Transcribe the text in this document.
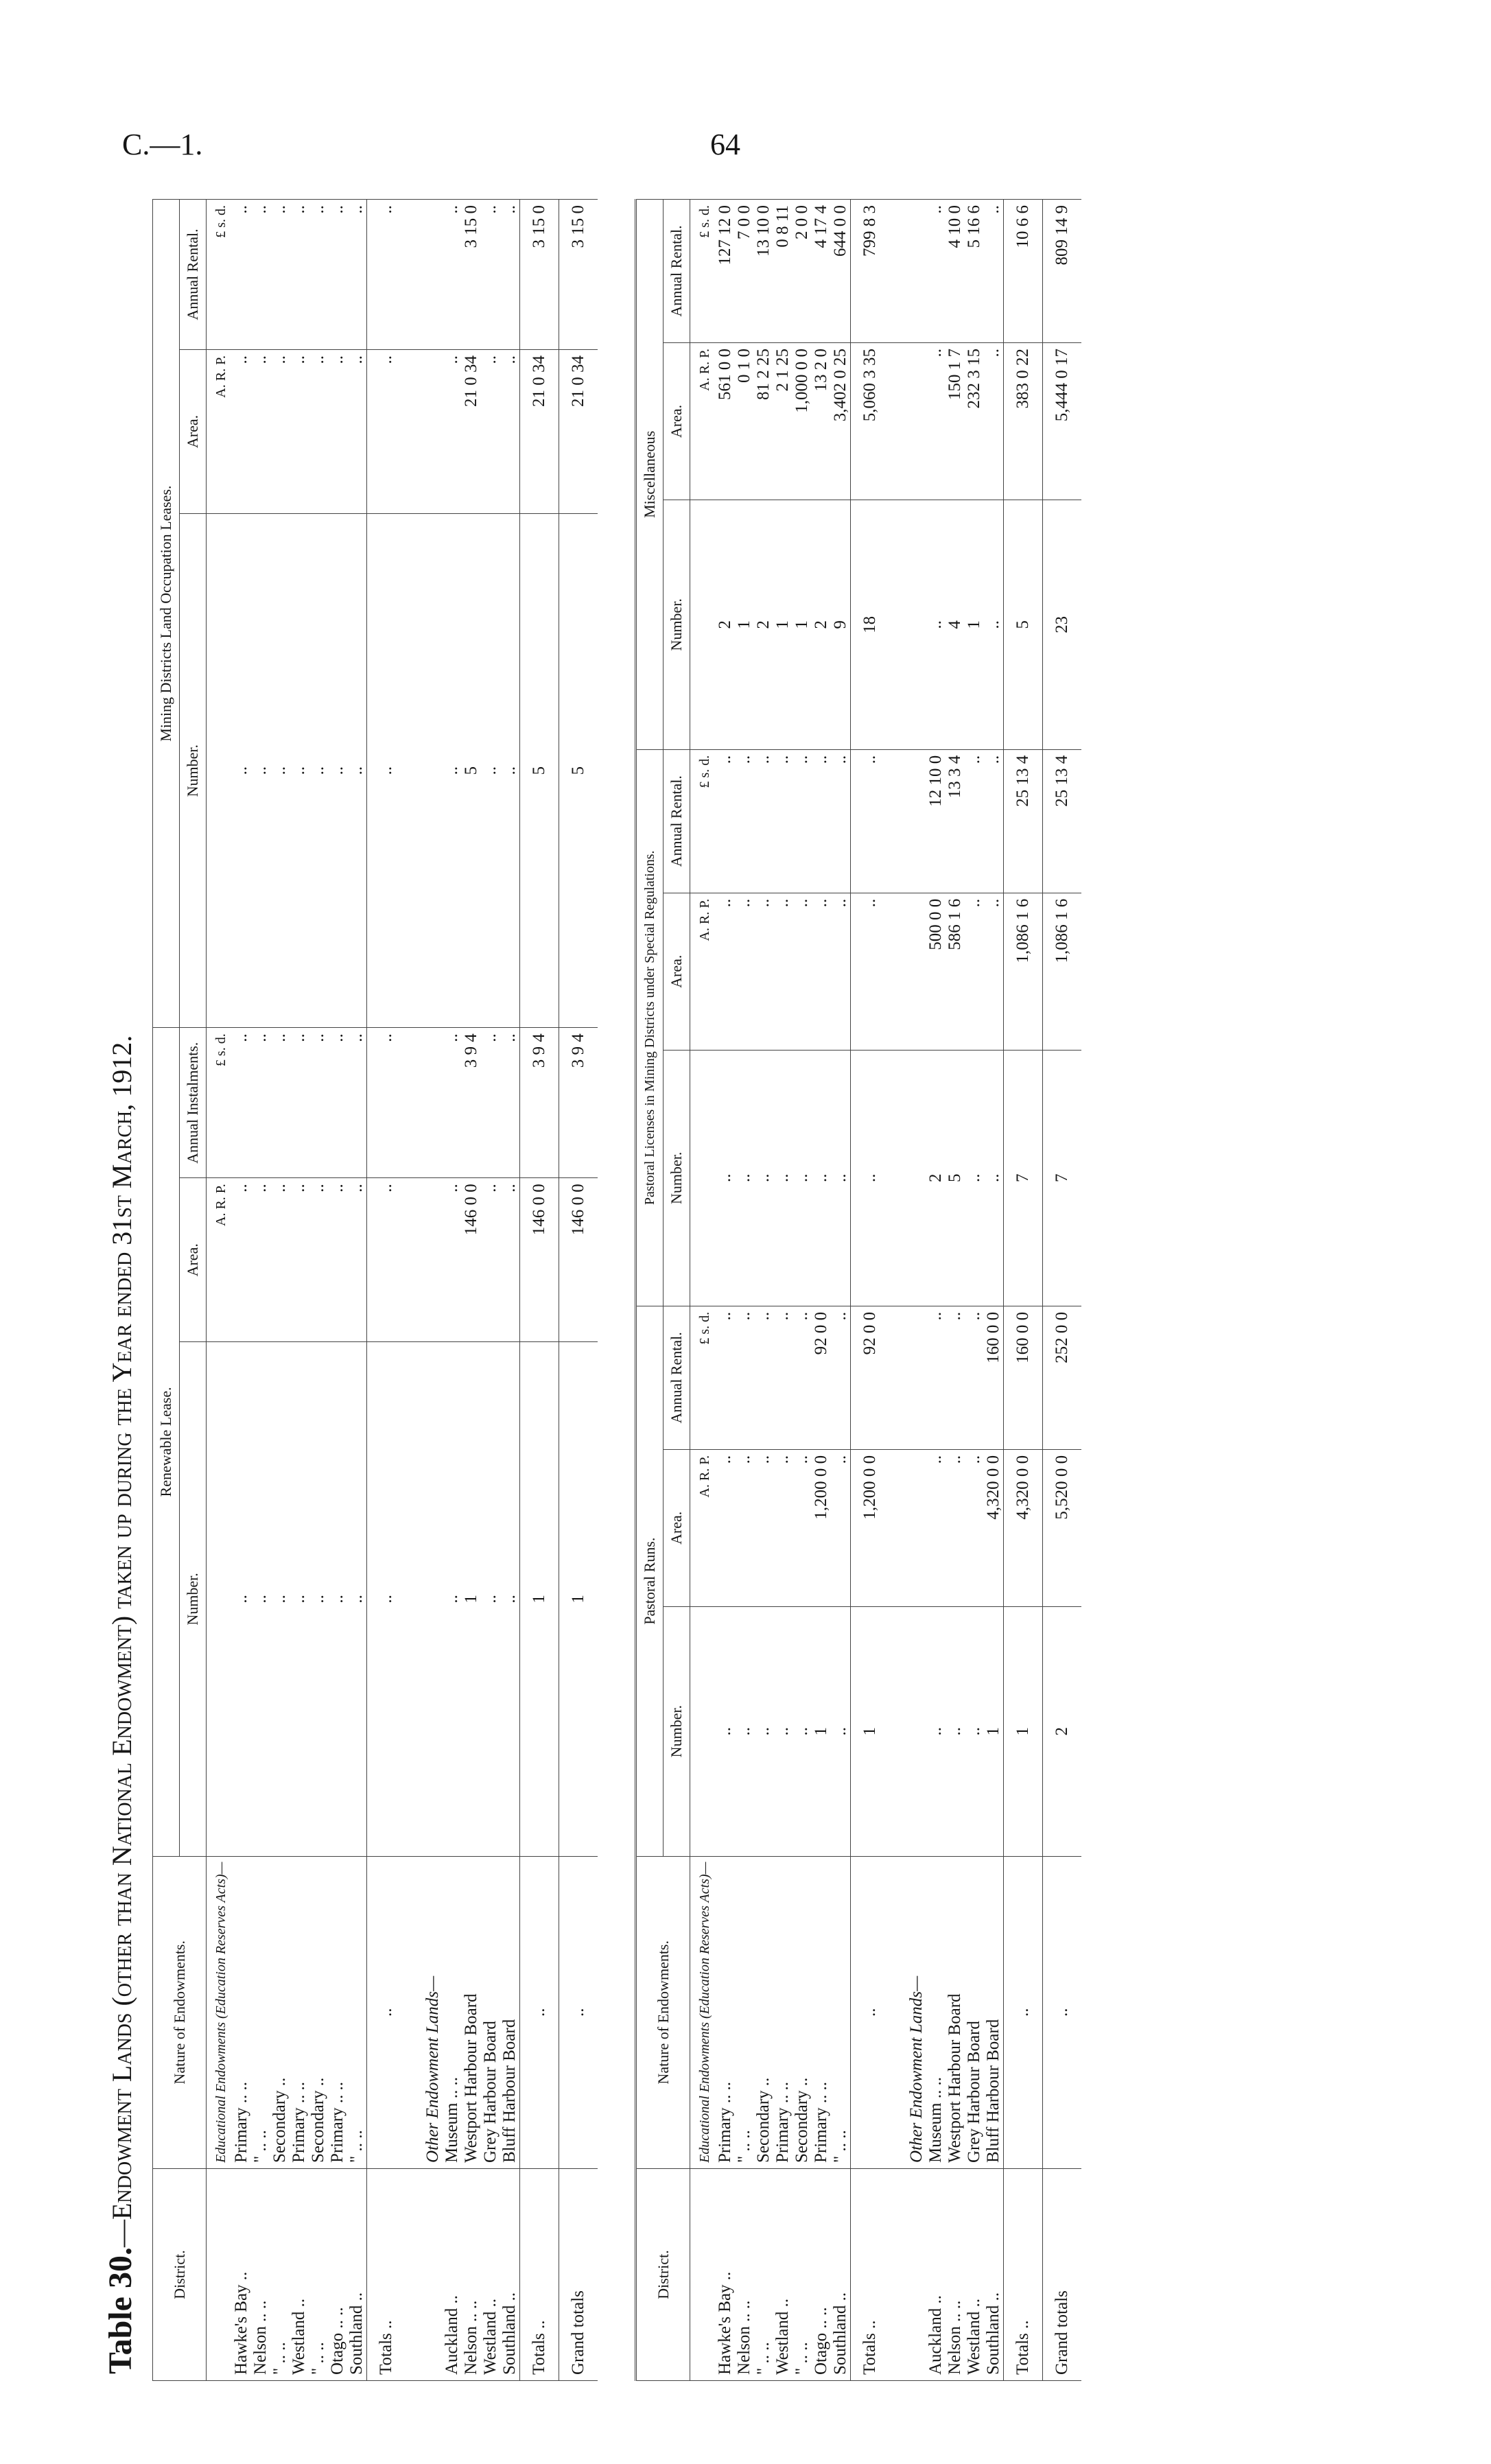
C.—1.	64
Table 30.—Endowment Lands (other than National Endowment) taken up during the Year ended 31st March, 1912.
District.	Nature of Endowments.	Renewable Lease.			Mining Districts Land Occupation Leases.		
		Number.	Area.	Annual Instalments.	Number.	Area.	Annual Rental.
	Educational Endowments (Education Reserves Acts)—		A. R. P.	£ s. d.		A. R. P.	£ s. d.
Hawke's Bay ..	Primary .. ..	..	..	..	..	..	..
Nelson .. ..	" .. ..	..	..	..	..	..	..
" .. ..	Secondary ..	..	..	..	..	..	..
Westland ..	Primary .. ..	..	..	..	..	..	..
" .. ..	Secondary ..	..	..	..	..	..	..
Otago .. ..	Primary .. ..	..	..	..	..	..	..
Southland ..	" .. ..	..	..	..	..	..	..
Totals ..	..	..	..	..	..	..	..

	Other Endowment Lands—						
Auckland ..	Museum .. ..	..	..	..	..	..	..
Nelson .. ..	Westport Harbour Board	1	146 0 0	3 9 4	5	21 0 34	3 15 0
Westland ..	Grey Harbour Board	..	..	..	..	..	..
Southland ..	Bluff Harbour Board	..	..	..	..	..	..
Totals ..	..	1	146 0 0	3 9 4	5	21 0 34	3 15 0
Grand totals	..	1	146 0 0	3 9 4	5	21 0 34	3 15 0
District.	Nature of Endowments.	Pastoral Runs.			Pastoral Licenses in Mining Districts under Special Regulations.			Miscellaneous		
		Number.	Area.	Annual Rental.	Number.	Area.	Annual Rental.	Number.	Area.	Annual Rental.
	Educational Endowments (Education Reserves Acts)—		A. R. P.	£ s. d.		A. R. P.	£ s. d.		A. R. P.	£ s. d.
Hawke's Bay ..	Primary .. ..	..	..	..	..	..	..	2	561 0 0	127 12 0
Nelson .. ..	" .. ..	..	..	..	..	..	..	1	0 1 0	7 0 0
" .. ..	Secondary ..	..	..	..	..	..	..	2	81 2 25	13 10 0
Westland ..	Primary .. ..	..	..	..	..	..	..	1	2 1 25	0 8 11
" .. ..	Secondary ..	..	..	..	..	..	..	1	1,000 0 0	2 0 0
Otago .. ..	Primary .. ..	1	1,200 0 0	92 0 0	..	..	..	2	13 2 0	4 17 4
Southland ..	" .. ..	..	..	..	..	..	..	9	3,402 0 25	644 0 0
Totals ..	..	1	1,200 0 0	92 0 0	..	..	..	18	5,060 3 35	799 8 3

	Other Endowment Lands—									
Auckland ..	Museum .. ..	..	..	..	2	500 0 0	12 10 0	..	..	..
Nelson .. ..	Westport Harbour Board	..	..	..	5	586 1 6	13 3 4	4	150 1 7	4 10 0
Westland ..	Grey Harbour Board	..	..	..	..	..	..	1	232 3 15	5 16 6
Southland ..	Bluff Harbour Board	1	4,320 0 0	160 0 0	..	..	..	..	..	..
Totals ..	..	1	4,320 0 0	160 0 0	7	1,086 1 6	25 13 4	5	383 0 22	10 6 6
Grand totals	..	2	5,520 0 0	252 0 0	7	1,086 1 6	25 13 4	23	5,444 0 17	809 14 9
